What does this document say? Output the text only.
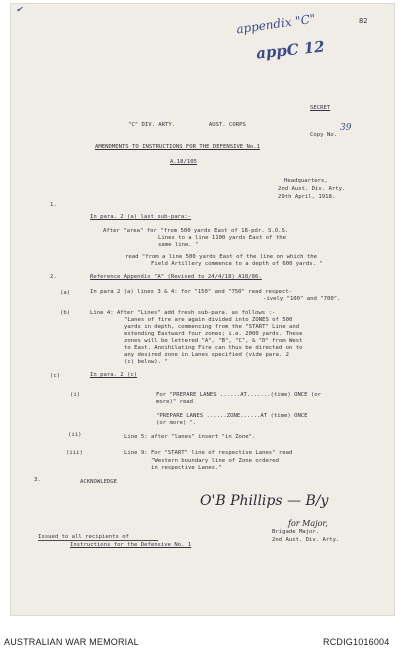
✔
appendix "C"	82
appC 12
SECRET
Copy No.
39
"C" DIV. ARTY.          AUST. CORPS
AMENDMENTS TO INSTRUCTIONS FOR THE DEFENSIVE No.1
A.18/105
Headquarters,
2nd Aust. Div. Arty.
29th April, 1918.
1.
In para. 2 (a) last sub-para:-
After "area" for "from 500 yards East of 18-pdr. S.O.S.
Lines to a line 1100 yards East of the
same line. "
read "from a line 500 yards East of the line on which the
Field Artillery commence to a depth of 600 yards. "
2.	Reference Appendix "A" (Revised to 24/4/18) A18/86.
(a)	In para 2 (a) lines 3 & 4: for "150" and "750" read respect-
-ively "100" and "700".
(b)	Line 4: After "Lines" add fresh sub-para. as follows :-
"Lanes of fire are again divided into ZONES of 500
yards in depth, commencing from the "START" Line and
extending Eastward four zones; i.e. 2000 yards. These
zones will be lettered "A", "B", "C", & "D" from West
to East. Annihilating Fire can thus be directed on to
any desired zone in Lanes specified (vide para. 2
(c) below). "
(c)	In para. 2 (c)
(i)	For "PREPARE LANES ......AT.......(time) ONCE (or
more)" read
"PREPARE LANES ......ZONE......AT (time) ONCE
(or more) ".
(ii)	Line 5: after "lanes" insert "in Zone".
(iii)	Line 9: For "START" line of respective Lanes" read
"Western boundary line of Zone ordered
in respective Lanes."
3.	ACKNOWLEDGE
O'B Phillips — B/y
for Major,
Brigade Major.
2nd Aust. Div. Arty.
Issued to all recipients of
Instructions for the Defensive No. 1
AUSTRALIAN WAR MEMORIAL	RCDIG1016004
